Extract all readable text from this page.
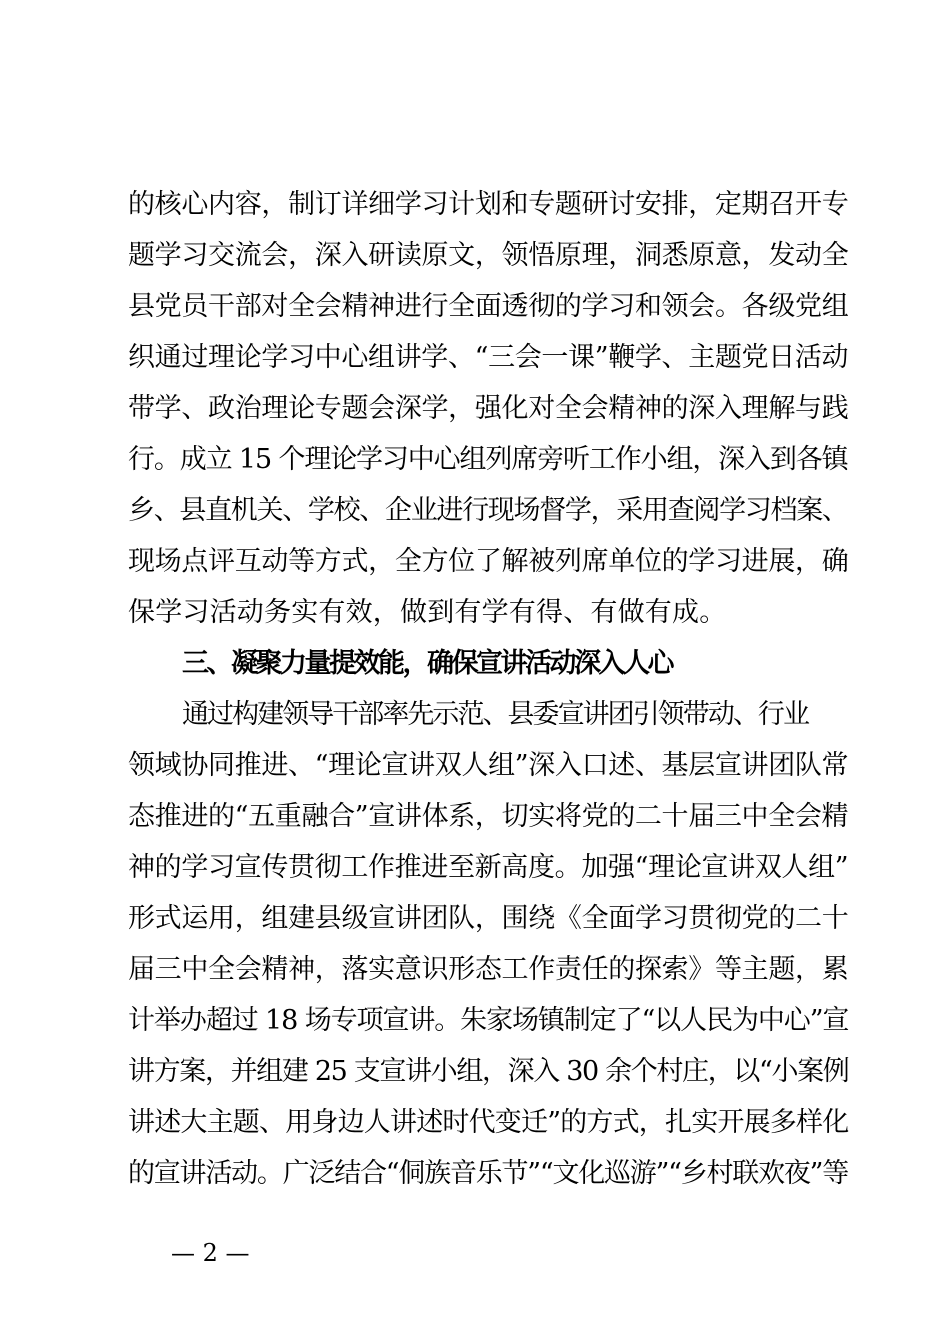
的核心内容，制订详细学习计划和专题研讨安排，定期召开专
题学习交流会，深入研读原文，领悟原理，洞悉原意，发动全
县党员干部对全会精神进行全面透彻的学习和领会。各级党组
织通过理论学习中心组讲学、“三会一课”鞭学、主题党日活动
带学、政治理论专题会深学，强化对全会精神的深入理解与践
行。成立 15 个理论学习中心组列席旁听工作小组，深入到各镇
乡、县直机关、学校、企业进行现场督学，采用查阅学习档案、
现场点评互动等方式，全方位了解被列席单位的学习进展，确
保学习活动务实有效，做到有学有得、有做有成。
三、凝聚力量提效能，确保宣讲活动深入人心
通过构建领导干部率先示范、县委宣讲团引领带动、行业
领域协同推进、“理论宣讲双人组”深入口述、基层宣讲团队常
态推进的“五重融合”宣讲体系，切实将党的二十届三中全会精
神的学习宣传贯彻工作推进至新高度。加强“理论宣讲双人组”
形式运用，组建县级宣讲团队，围绕《全面学习贯彻党的二十
届三中全会精神，落实意识形态工作责任的探索》等主题，累
计举办超过 18 场专项宣讲。朱家场镇制定了“以人民为中心”宣
讲方案，并组建 25 支宣讲小组，深入 30 余个村庄，以“小案例
讲述大主题、用身边人讲述时代变迁”的方式，扎实开展多样化
的宣讲活动。广泛结合“侗族音乐节”“文化巡游”“乡村联欢夜”等
— 2 —
